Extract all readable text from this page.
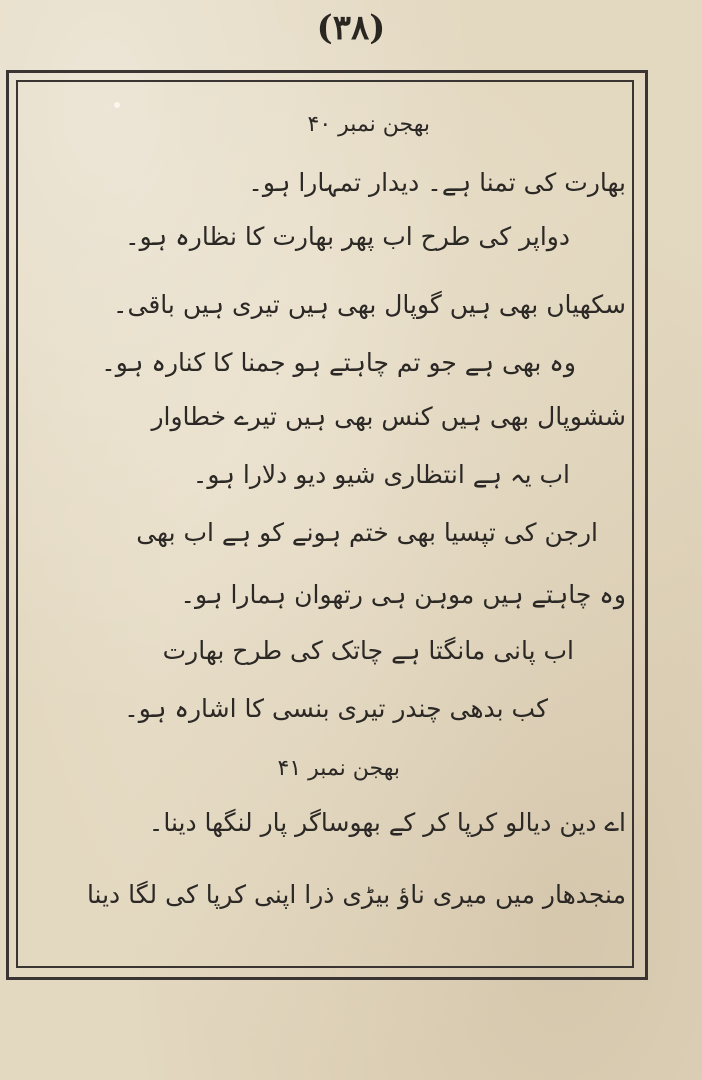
(۳۸)
بھجن نمبر ۴۰
بھارت کی تمنا ہے۔ دیدار تمہارا ہو۔
دواپر کی طرح اب پھر بھارت کا نظارہ ہو۔
سکھیاں بھی ہیں گوپال بھی ہیں تیری ہیں باقی۔
وہ بھی ہے جو تم چاہتے ہو جمنا کا کنارہ ہو۔
ششوپال بھی ہیں کنس بھی ہیں تیرے خطاوار
اب یہ ہے انتظاری شیو دیو دلارا ہو۔
ارجن کی تپسیا بھی ختم ہونے کو ہے اب بھی
وہ چاہتے ہیں موہن ہی رتھوان ہمارا ہو۔
اب پانی مانگتا ہے چاتک کی طرح بھارت
کب بدھی چندر تیری بنسی کا اشارہ ہو۔
بھجن نمبر ۴۱
اے دین دیالو کرپا کر کے بھوساگر پار لنگھا دینا۔
منجدھار میں میری ناؤ بیڑی ذرا اپنی کرپا کی لگا دینا
